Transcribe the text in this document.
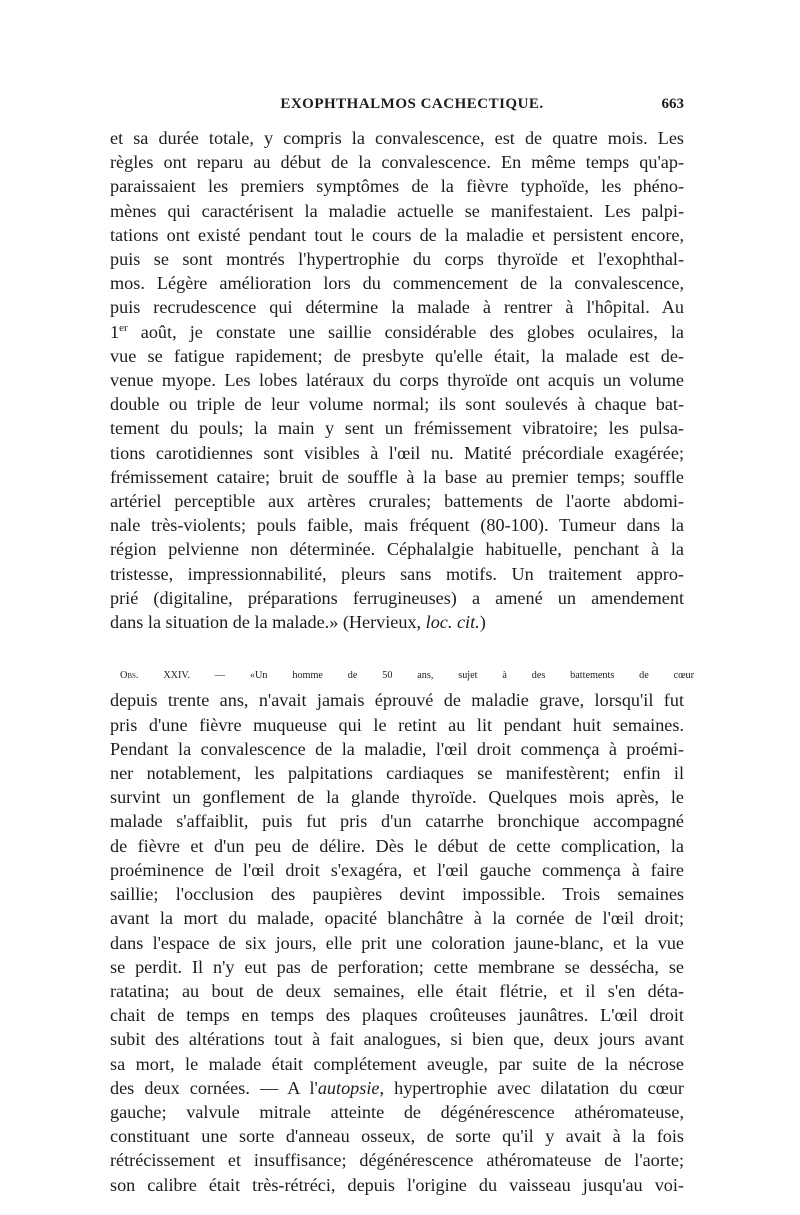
EXOPHTHALMOS CACHECTIQUE.	663
et sa durée totale, y compris la convalescence, est de quatre mois. Les
règles ont reparu au début de la convalescence. En même temps qu'ap-
paraissaient les premiers symptômes de la fièvre typhoïde, les phéno-
mènes qui caractérisent la maladie actuelle se manifestaient. Les palpi-
tations ont existé pendant tout le cours de la maladie et persistent encore,
puis se sont montrés l'hypertrophie du corps thyroïde et l'exophthal-
mos. Légère amélioration lors du commencement de la convalescence,
puis recrudescence qui détermine la malade à rentrer à l'hôpital. Au
1er août, je constate une saillie considérable des globes oculaires, la
vue se fatigue rapidement; de presbyte qu'elle était, la malade est de-
venue myope. Les lobes latéraux du corps thyroïde ont acquis un volume
double ou triple de leur volume normal; ils sont soulevés à chaque bat-
tement du pouls; la main y sent un frémissement vibratoire; les pulsa-
tions carotidiennes sont visibles à l'œil nu. Matité précordiale exagérée;
frémissement cataire; bruit de souffle à la base au premier temps; souffle
artériel perceptible aux artères crurales; battements de l'aorte abdomi-
nale très-violents; pouls faible, mais fréquent (80-100). Tumeur dans la
région pelvienne non déterminée. Céphalalgie habituelle, penchant à la
tristesse, impressionnabilité, pleurs sans motifs. Un traitement appro-
prié (digitaline, préparations ferrugineuses) a amené un amendement
dans la situation de la malade.» (Hervieux, loc. cit.)
Obs. XXIV. — «Un homme de 50 ans, sujet à des battements de cœur
depuis trente ans, n'avait jamais éprouvé de maladie grave, lorsqu'il fut
pris d'une fièvre muqueuse qui le retint au lit pendant huit semaines.
Pendant la convalescence de la maladie, l'œil droit commença à proémi-
ner notablement, les palpitations cardiaques se manifestèrent; enfin il
survint un gonflement de la glande thyroïde. Quelques mois après, le
malade s'affaiblit, puis fut pris d'un catarrhe bronchique accompagné
de fièvre et d'un peu de délire. Dès le début de cette complication, la
proéminence de l'œil droit s'exagéra, et l'œil gauche commença à faire
saillie; l'occlusion des paupières devint impossible. Trois semaines
avant la mort du malade, opacité blanchâtre à la cornée de l'œil droit;
dans l'espace de six jours, elle prit une coloration jaune-blanc, et la vue
se perdit. Il n'y eut pas de perforation; cette membrane se dessécha, se
ratatina; au bout de deux semaines, elle était flétrie, et il s'en déta-
chait de temps en temps des plaques croûteuses jaunâtres. L'œil droit
subit des altérations tout à fait analogues, si bien que, deux jours avant
sa mort, le malade était complétement aveugle, par suite de la nécrose
des deux cornées. — A l'autopsie, hypertrophie avec dilatation du cœur
gauche; valvule mitrale atteinte de dégénérescence athéromateuse,
constituant une sorte d'anneau osseux, de sorte qu'il y avait à la fois
rétrécissement et insuffisance; dégénérescence athéromateuse de l'aorte;
son calibre était très-rétréci, depuis l'origine du vaisseau jusqu'au voi-
